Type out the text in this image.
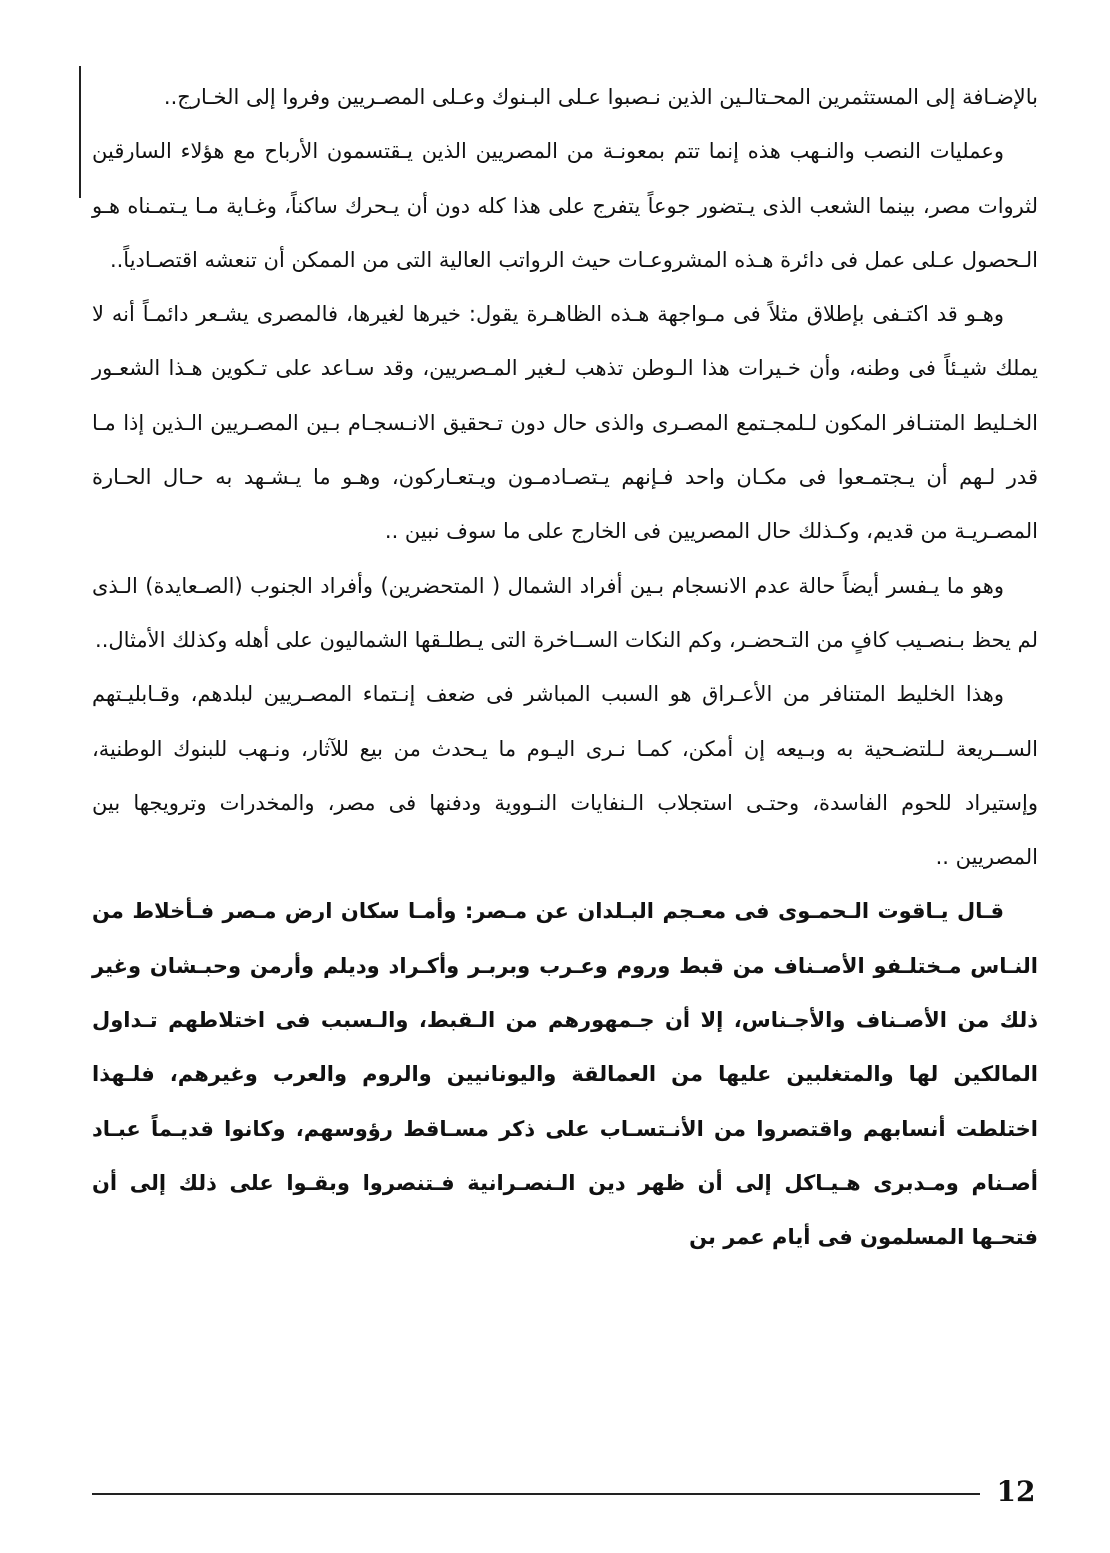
بالإضـافة إلى المستثمرين المحـتالـين الذين نـصبوا عـلى البـنوك وعـلى المصـريين وفروا إلى الخـارج..

وعمليات النصب والنـهب هذه إنما تتم بمعونـة من المصريين الذين يـقتسمون الأرباح مع هؤلاء السارقين لثروات مصر، بينما الشعب الذى يـتضور جوعاً يتفرج على هذا كله دون أن يـحرك ساكناً، وغـاية مـا يـتمـناه هـو الـحصول عـلى عمل فى دائرة هـذه المشروعـات حيث الرواتب العالية التى من الممكن أن تنعشه اقتصـادياً..

وهـو قد اكتـفى بإطلاق مثلاً فى مـواجهة هـذه الظاهـرة يقول: خيرها لغيرها، فالمصرى يشـعر دائمـاً أنه لا يملك شيـئاً فى وطنه، وأن خـيرات هذا الـوطن تذهب لـغير المـصريين، وقد سـاعد على تـكوين هـذا الشعـور الخـليط المتنـافر المكون لـلمجـتمع المصـرى والذى حال دون تـحقيق الانـسجـام بـين المصـريين الـذين إذا مـا قدر لـهم أن يـجتمـعوا فى مكـان واحد فـإنهم يـتصـادمـون ويـتعـاركون، وهـو ما يـشـهد به حـال الحـارة المصـريـة من قديم، وكـذلك حال المصريين فى الخارج على ما سوف نبين ..

وهو ما يـفسر أيضاً حالة عدم الانسجام بـين أفراد الشمال ( المتحضرين) وأفراد الجنوب (الصـعايدة) الـذى لم يحظ بـنصـيب كافٍ من التـحضـر، وكم النكات الســاخرة التى يـطلـقها الشماليون على أهله وكذلك الأمثال..

وهذا الخليط المتنافر من الأعـراق هو السبب المباشر فى ضعف إنـتماء المصـريين لبلدهم، وقـابليـتهم الســريعة لـلتضـحية به وبـيعه إن أمكن، كمـا نـرى اليـوم ما يـحدث من بيع للآثار، ونـهب للبنوك الوطنية، وإستيراد للحوم الفاسدة، وحتـى استجلاب الـنفايات النـووية ودفنها فى مصر، والمخدرات وترويجها بين المصريين ..

قـال يـاقوت الـحمـوى فى معـجم البـلدان عن مـصر: وأمـا سكان ارض مـصر فـأخلاط من النـاس مـختلـفو الأصـناف من قبط وروم وعـرب وبربـر وأكـراد وديلم وأرمن وحبـشان وغير ذلك من الأصـناف والأجـناس، إلا أن جـمهورهم من الـقبط، والـسبب فى اختلاطهم تـداول المالكين لها والمتغلبين عليها من العمالقة واليونانيين والروم والعرب وغيرهم، فلـهذا اختلطت أنسابهم واقتصروا من الأنـتسـاب على ذكر مسـاقط رؤوسهم، وكانوا قديـماً عبـاد أصـنام ومـدبرى هـيـاكل إلى أن ظهر دين الـنصـرانية فـتنصروا وبقـوا على ذلك إلى أن فتحـها المسلمون فى أيام عمر بن

12
